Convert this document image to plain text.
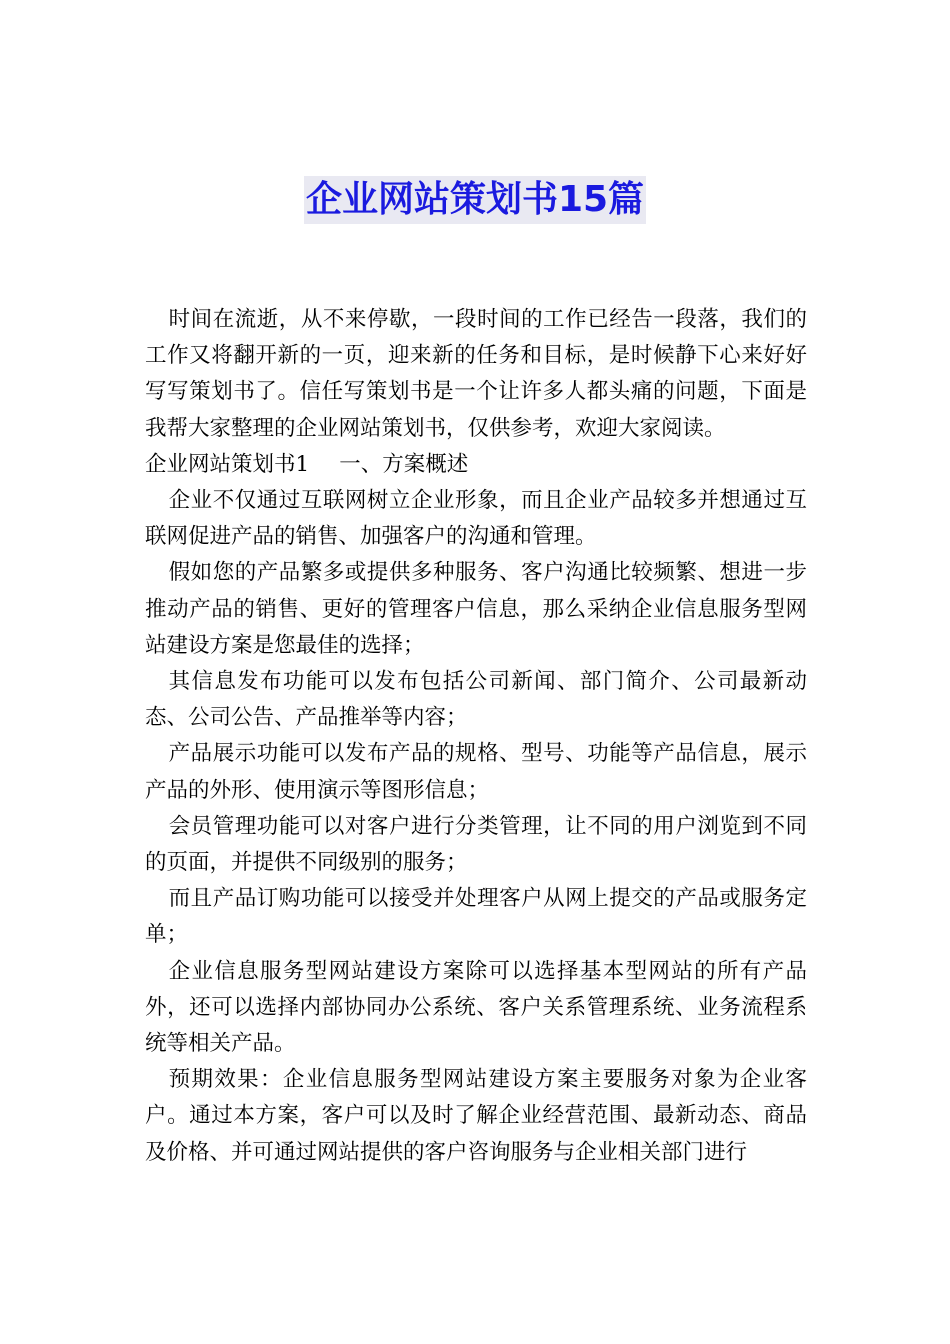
企业网站策划书15篇

时间在流逝，从不来停歇，一段时间的工作已经告一段落，我们的工作又将翻开新的一页，迎来新的任务和目标，是时候静下心来好好写写策划书了。信任写策划书是一个让许多人都头痛的问题，下面是我帮大家整理的企业网站策划书，仅供参考，欢迎大家阅读。

企业网站策划书1 一、方案概述

企业不仅通过互联网树立企业形象，而且企业产品较多并想通过互联网促进产品的销售、加强客户的沟通和管理。

假如您的产品繁多或提供多种服务、客户沟通比较频繁、想进一步推动产品的销售、更好的管理客户信息，那么采纳企业信息服务型网站建设方案是您最佳的选择；

其信息发布功能可以发布包括公司新闻、部门简介、公司最新动态、公司公告、产品推举等内容；

产品展示功能可以发布产品的规格、型号、功能等产品信息，展示产品的外形、使用演示等图形信息；

会员管理功能可以对客户进行分类管理，让不同的用户浏览到不同的页面，并提供不同级别的服务；

而且产品订购功能可以接受并处理客户从网上提交的产品或服务定单；

企业信息服务型网站建设方案除可以选择基本型网站的所有产品外，还可以选择内部协同办公系统、客户关系管理系统、业务流程系统等相关产品。

预期效果：企业信息服务型网站建设方案主要服务对象为企业客户。通过本方案，客户可以及时了解企业经营范围、最新动态、商品及价格、并可通过网站提供的客户咨询服务与企业相关部门进行
